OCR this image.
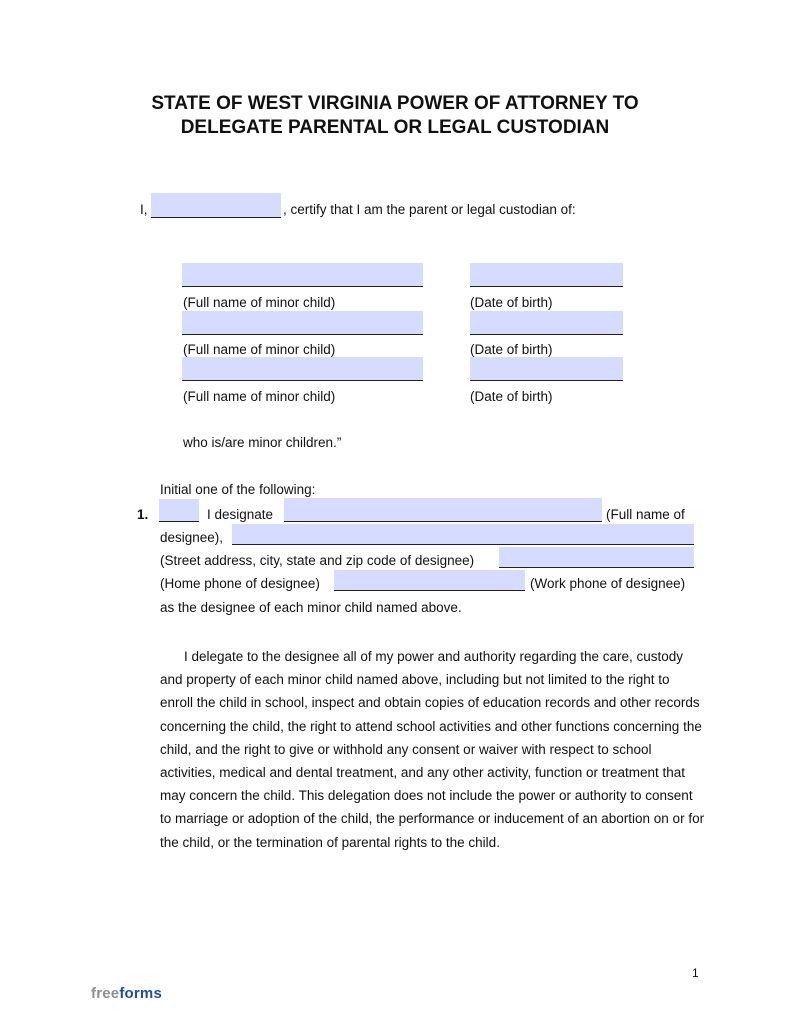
STATE OF WEST VIRGINIA POWER OF ATTORNEY TO
DELEGATE PARENTAL OR LEGAL CUSTODIAN
I,	, certify that I am the parent or legal custodian of:
(Full name of minor child)	(Date of birth)
(Full name of minor child)	(Date of birth)
(Full name of minor child)	(Date of birth)
who is/are minor children.”
Initial one of the following:
1.	I designate	(Full name of
designee),
(Street address, city, state and zip code of designee)
(Home phone of designee)	(Work phone of designee)
as the designee of each minor child named above.
I delegate to the designee all of my power and authority regarding the care, custody and property of each minor child named above, including but not limited to the right to enroll the child in school, inspect and obtain copies of education records and other records concerning the child, the right to attend school activities and other functions concerning the child, and the right to give or withhold any consent or waiver with respect to school activities, medical and dental treatment, and any other activity, function or treatment that may concern the child. This delegation does not include the power or authority to consent to marriage or adoption of the child, the performance or inducement of an abortion on or for the child, or the termination of parental rights to the child.
1
freeforms
